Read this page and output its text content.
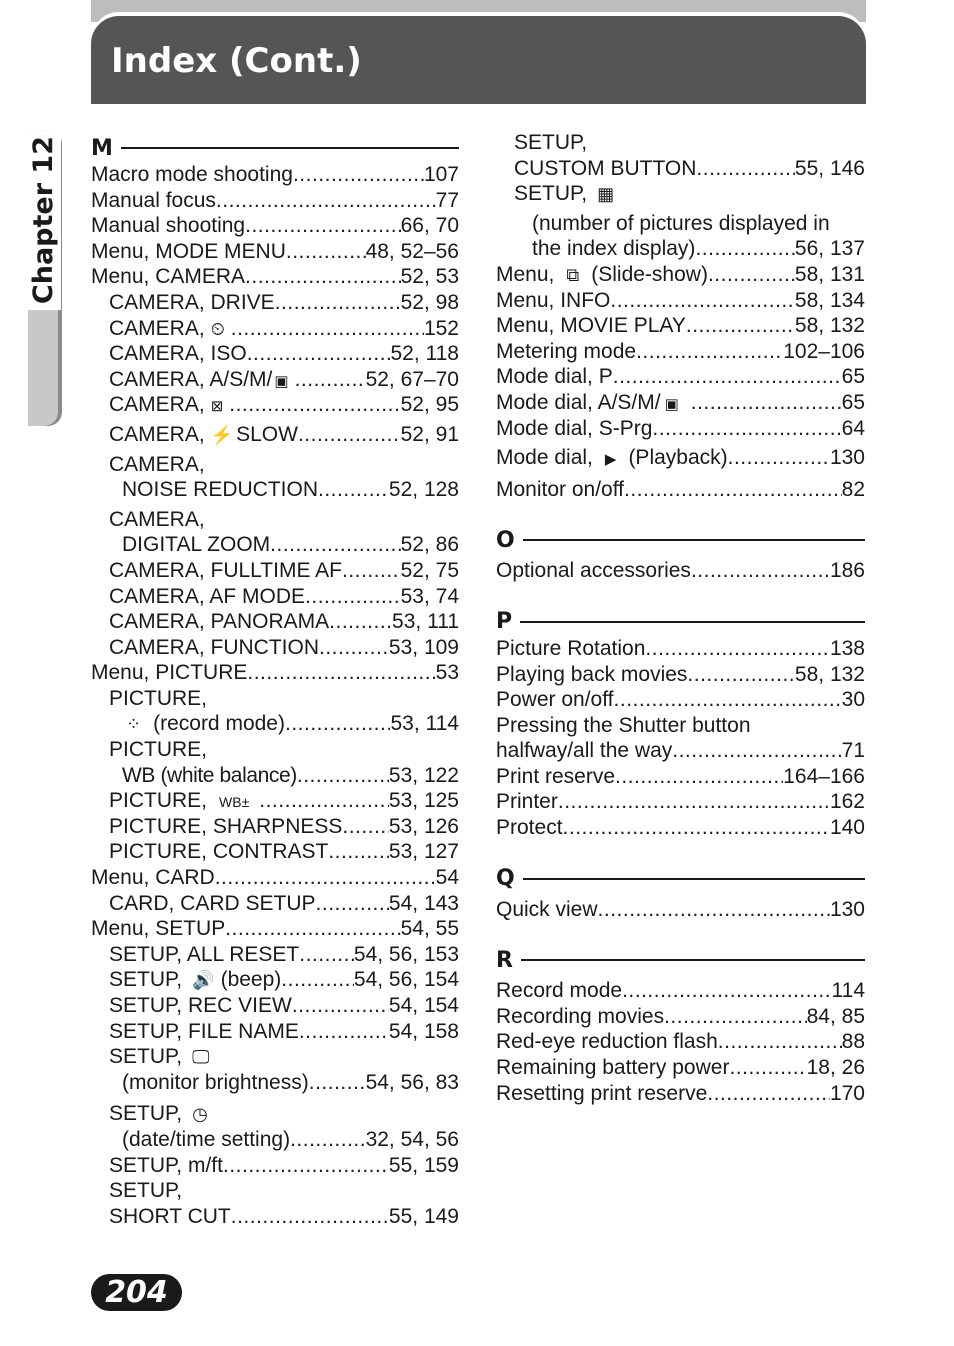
Index (Cont.)
Chapter 12 M
Macro mode shooting .....	107
Manual focus .....	77
Manual shooting .....	66, 70
Menu, MODE MENU .....	48, 52–56
Menu, CAMERA .....	52, 53
CAMERA, DRIVE .....	52, 98
CAMERA, ⏲ .....	152
CAMERA, ISO .....	52, 118
CAMERA, A/S/M/ ▣ .....	52, 67–70
CAMERA, ⊠ .....	52, 95
CAMERA, ⚡ SLOW .....	52, 91
CAMERA,
NOISE REDUCTION .....	52, 128
CAMERA,
DIGITAL ZOOM .....	52, 86
CAMERA, FULLTIME AF .....	52, 75
CAMERA, AF MODE .....	53, 74
CAMERA, PANORAMA .....	53, 111
CAMERA, FUNCTION .....	53, 109
Menu, PICTURE .....	53
PICTURE,
⁘ (record mode) .....	53, 114
PICTURE,
WB (white balance) .....	53, 122
PICTURE, WB± .....	53, 125
PICTURE, SHARPNESS ..... 53, 126
PICTURE, CONTRAST .....	53, 127
Menu, CARD .....	54
CARD, CARD SETUP .....	54, 143
Menu, SETUP .....	54, 55
SETUP, ALL RESET .....	54, 56, 153
SETUP, 🔊 (beep) .....	54, 56, 154
SETUP, REC VIEW .....	54, 154
SETUP, FILE NAME .....	54, 158
SETUP, 🖵
(monitor brightness) .....	54, 56, 83
SETUP, ◷
(date/time setting) .....	32, 54, 56
SETUP, m/ft .....	55, 159
SETUP,
SHORT CUT .....	55, 149
SETUP,
CUSTOM BUTTON .....	55, 146
SETUP, ▦
(number of pictures displayed in
the index display) .....	56, 137
Menu, ⧉ (Slide-show) .....	58, 131
Menu, INFO .....	58, 134
Menu, MOVIE PLAY .....	58, 132
Metering mode .....	102–106
Mode dial, P .....	65
Mode dial, A/S/M/ ▣ .....	65
Mode dial, S-Prg .....	64
Mode dial, ▶ (Playback) .....	130
Monitor on/off .....	82
O
Optional accessories .....	186
P
Picture Rotation .....	138
Playing back movies .....	58, 132
Power on/off .....	30
Pressing the Shutter button
halfway/all the way .....	71
Print reserve .....	164–166
Printer .....	162
Protect .....	140
Q
Quick view .....	130
R
Record mode .....	114
Recording movies .....	84, 85
Red-eye reduction flash .....	88
Remaining battery power .....	18, 26
Resetting print reserve .....	170
204
